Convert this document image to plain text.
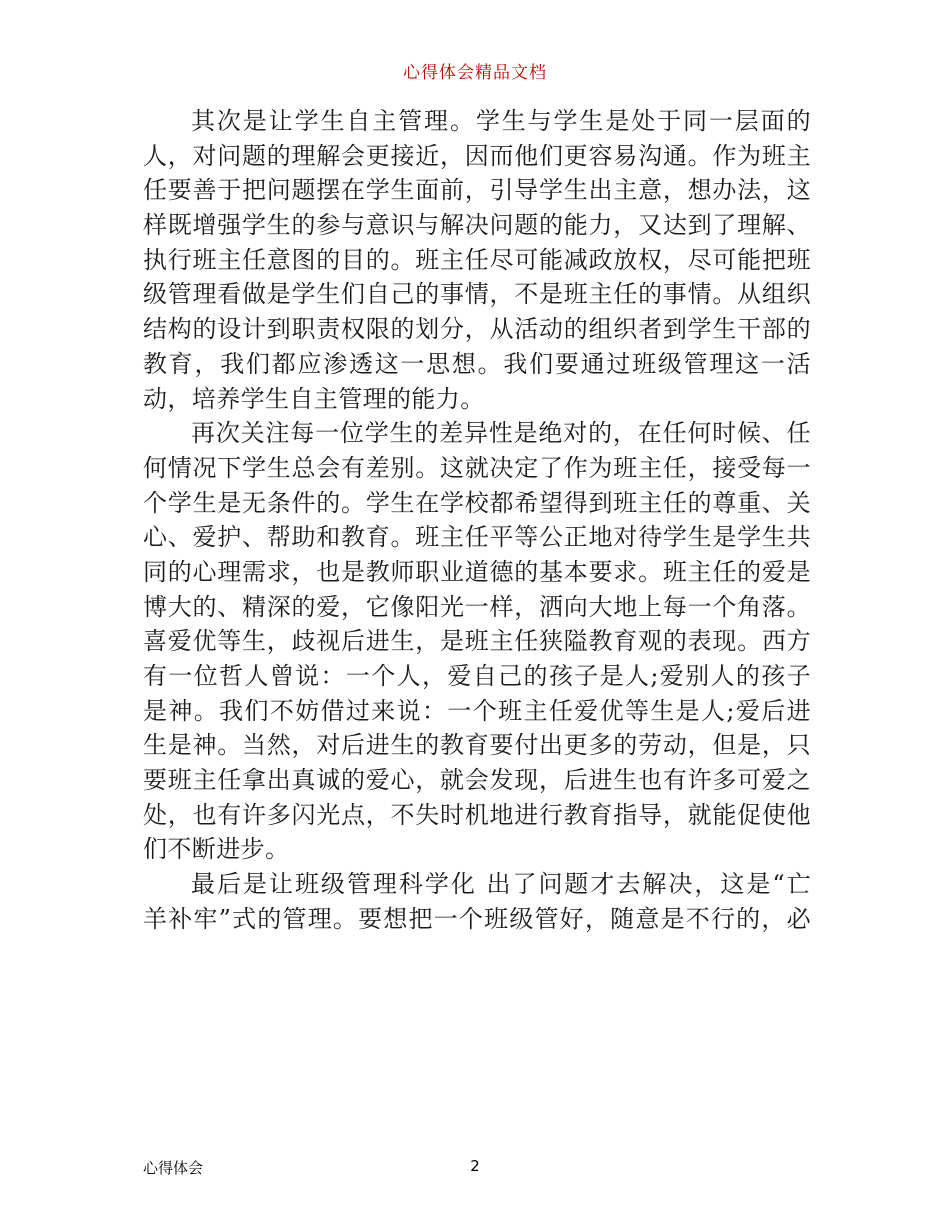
心得体会精品文档
其次是让学生自主管理。学生与学生是处于同一层面的
人，对问题的理解会更接近，因而他们更容易沟通。作为班主
任要善于把问题摆在学生面前，引导学生出主意，想办法，这
样既增强学生的参与意识与解决问题的能力，又达到了理解、
执行班主任意图的目的。班主任尽可能减政放权，尽可能把班
级管理看做是学生们自己的事情，不是班主任的事情。从组织
结构的设计到职责权限的划分，从活动的组织者到学生干部的
教育，我们都应渗透这一思想。我们要通过班级管理这一活
动，培养学生自主管理的能力。
再次关注每一位学生的差异性是绝对的，在任何时候、任
何情况下学生总会有差别。这就决定了作为班主任，接受每一
个学生是无条件的。学生在学校都希望得到班主任的尊重、关
心、爱护、帮助和教育。班主任平等公正地对待学生是学生共
同的心理需求，也是教师职业道德的基本要求。班主任的爱是
博大的、精深的爱，它像阳光一样，洒向大地上每一个角落。
喜爱优等生，歧视后进生，是班主任狭隘教育观的表现。西方
有一位哲人曾说：一个人，爱自己的孩子是人;爱别人的孩子
是神。我们不妨借过来说：一个班主任爱优等生是人;爱后进
生是神。当然，对后进生的教育要付出更多的劳动，但是，只
要班主任拿出真诚的爱心，就会发现，后进生也有许多可爱之
处，也有许多闪光点，不失时机地进行教育指导，就能促使他
们不断进步。
最后是让班级管理科学化 出了问题才去解决，这是“亡
羊补牢”式的管理。要想把一个班级管好，随意是不行的，必
心得体会	2
